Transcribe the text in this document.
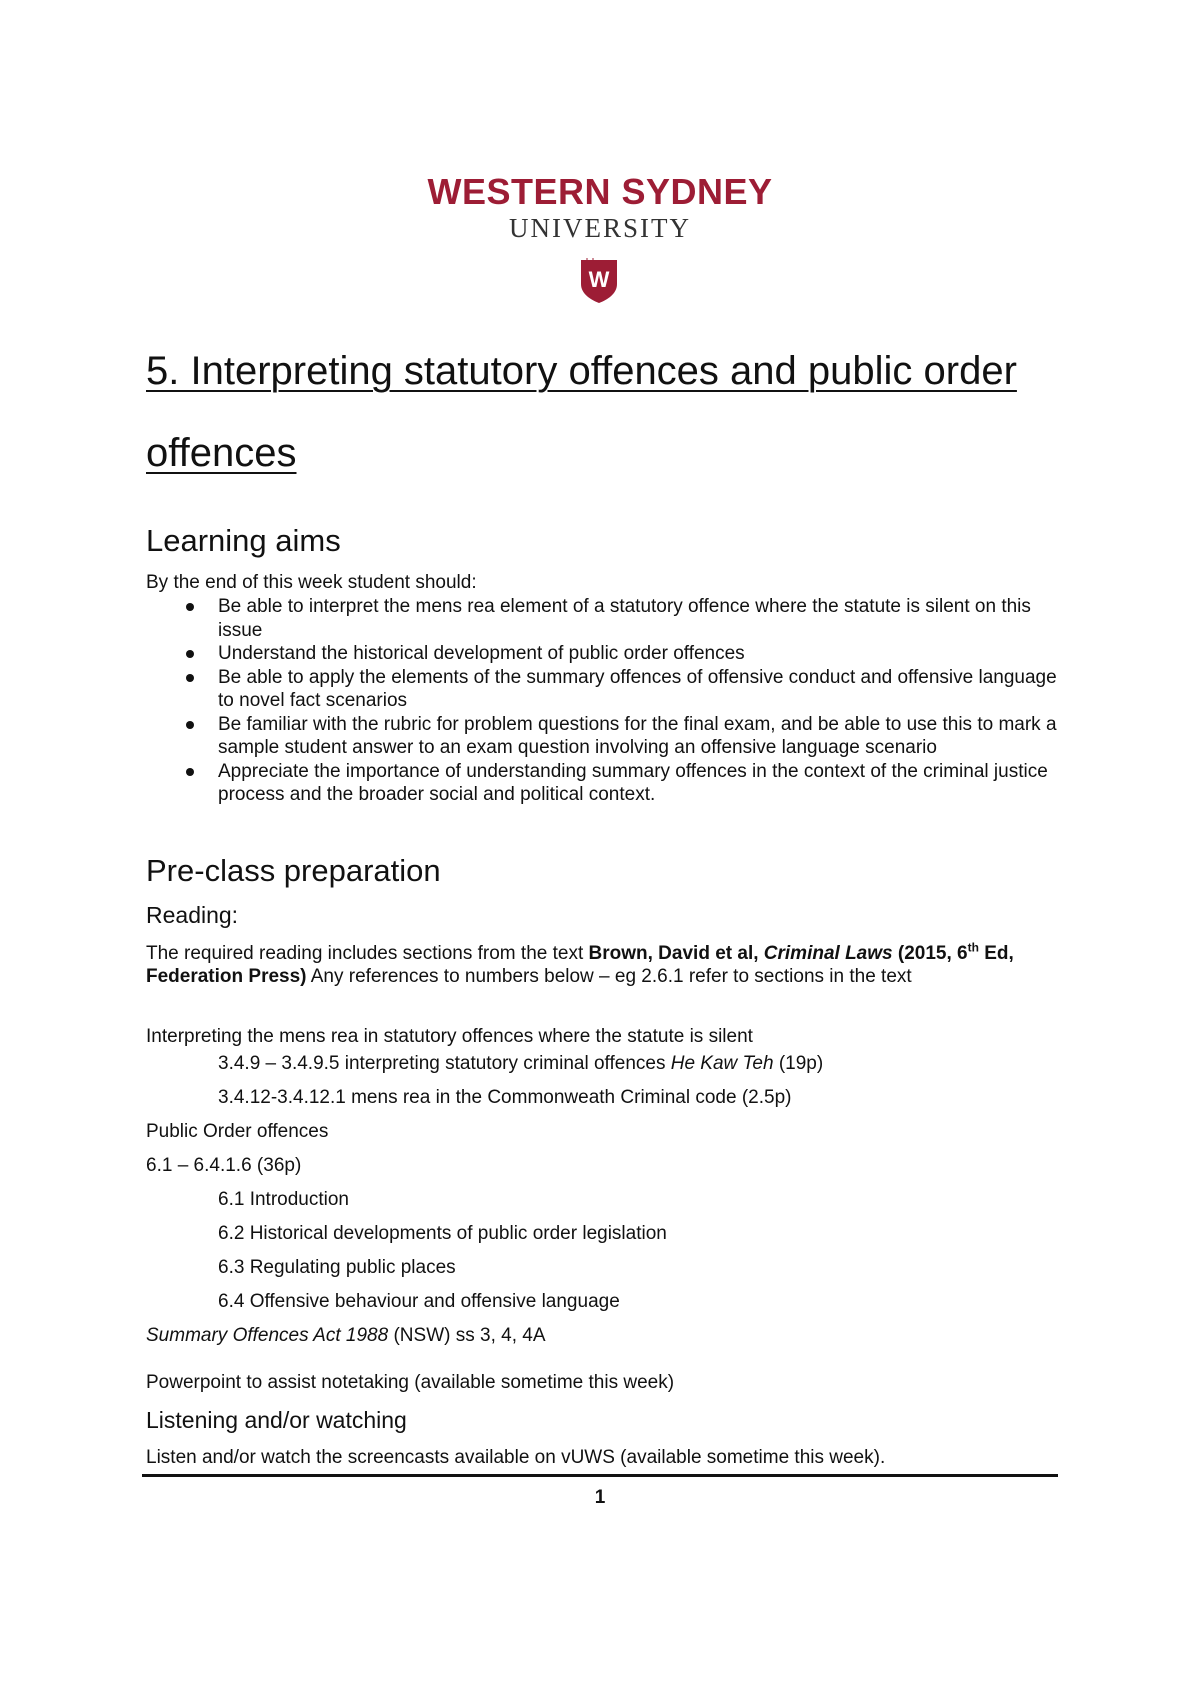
WESTERN SYDNEY
UNIVERSITY
W
5. Interpreting statutory offences and public order offences
Learning aims

By the end of this week student should:

Be able to interpret the mens rea element of a statutory offence where the statute is silent on this issue
Understand the historical development of public order offences
Be able to apply the elements of the summary offences of offensive conduct and offensive language to novel fact scenarios
Be familiar with the rubric for problem questions for the final exam, and be able to use this to mark a sample student answer to an exam question involving an offensive language scenario
Appreciate the importance of understanding summary offences in the context of the criminal justice process and the broader social and political context.
Pre-class preparation
Reading:

The required reading includes sections from the text Brown, David et al, Criminal Laws (2015, 6th Ed, Federation Press) Any references to numbers below – eg 2.6.1 refer to sections in the text

Interpreting the mens rea in statutory offences where the statute is silent

3.4.9 – 3.4.9.5 interpreting statutory criminal offences He Kaw Teh (19p)

3.4.12-3.4.12.1 mens rea in the Commonweath Criminal code (2.5p)

Public Order offences

6.1 – 6.4.1.6 (36p)

6.1 Introduction

6.2 Historical developments of public order legislation

6.3 Regulating public places

6.4 Offensive behaviour and offensive language

Summary Offences Act 1988 (NSW) ss 3, 4, 4A

Powerpoint to assist notetaking (available sometime this week)

Listening and/or watching

Listen and/or watch the screencasts available on vUWS (available sometime this week).

1
